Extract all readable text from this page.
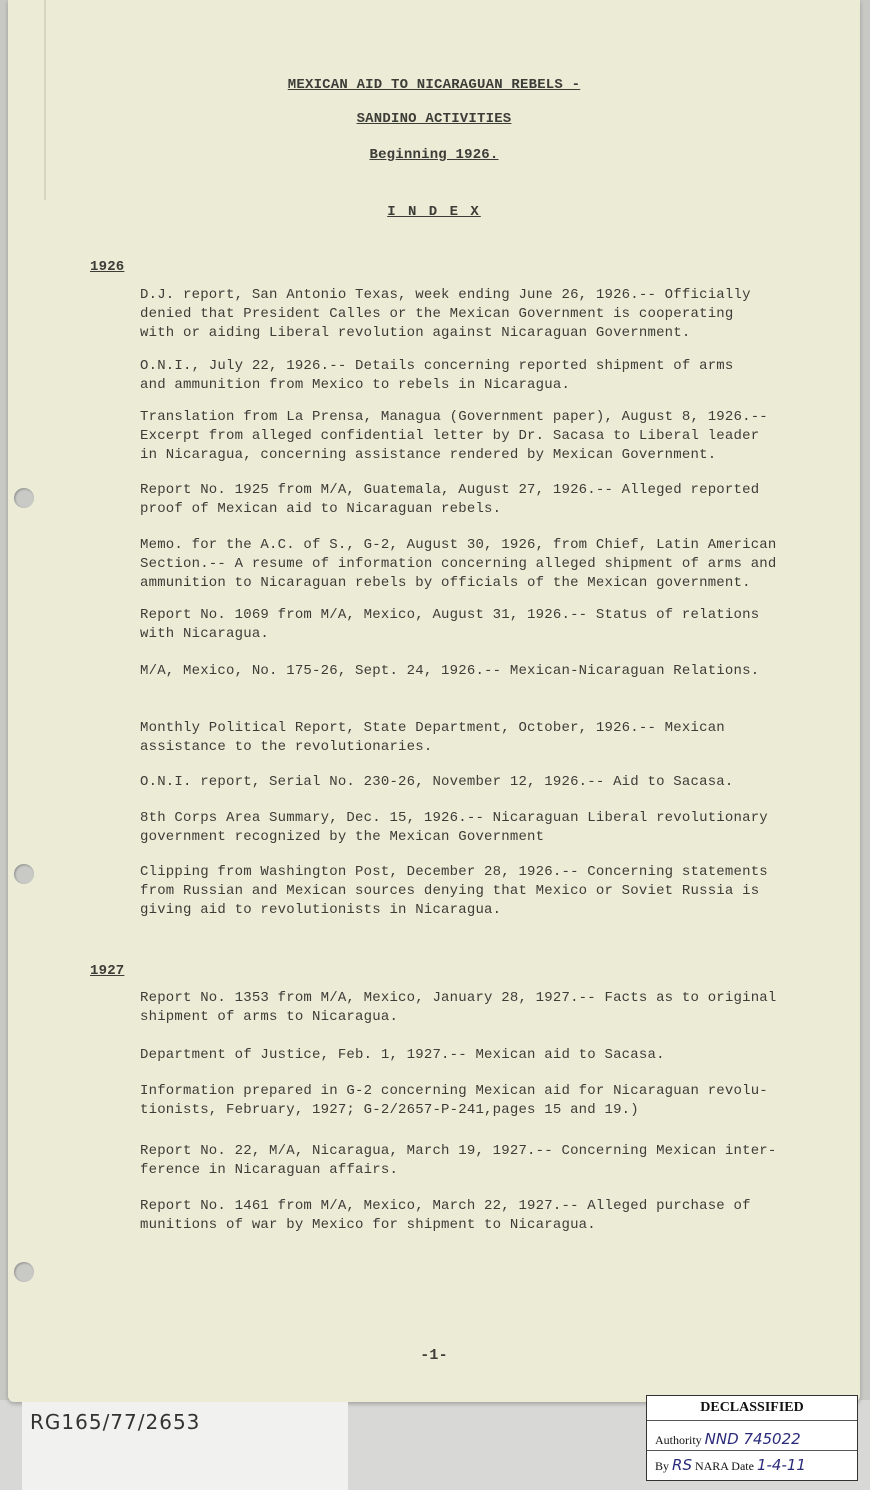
MEXICAN AID TO NICARAGUAN REBELS -
SANDINO ACTIVITIES
Beginning 1926.
I N D E X
1926
D.J. report, San Antonio Texas, week ending June 26, 1926.-- Officially
denied that President Calles or the Mexican Government is cooperating
with or aiding Liberal revolution against Nicaraguan Government.
O.N.I., July 22, 1926.-- Details concerning reported shipment of arms
and ammunition from Mexico to rebels in Nicaragua.
Translation from La Prensa, Managua (Government paper), August 8, 1926.--
Excerpt from alleged confidential letter by Dr. Sacasa to Liberal leader
in Nicaragua, concerning assistance rendered by Mexican Government.
Report No. 1925 from M/A, Guatemala, August 27, 1926.-- Alleged reported
proof of Mexican aid to Nicaraguan rebels.
Memo. for the A.C. of S., G-2, August 30, 1926, from Chief, Latin American
Section.-- A resume of information concerning alleged shipment of arms and
ammunition to Nicaraguan rebels by officials of the Mexican government.
Report No. 1069 from M/A, Mexico, August 31, 1926.-- Status of relations
with Nicaragua.
M/A, Mexico, No. 175-26, Sept. 24, 1926.-- Mexican-Nicaraguan Relations.
Monthly Political Report, State Department, October, 1926.-- Mexican
assistance to the revolutionaries.
O.N.I. report, Serial No. 230-26, November 12, 1926.-- Aid to Sacasa.
8th Corps Area Summary, Dec. 15, 1926.-- Nicaraguan Liberal revolutionary
government recognized by the Mexican Government
Clipping from Washington Post, December 28, 1926.-- Concerning statements
from Russian and Mexican sources denying that Mexico or Soviet Russia is
giving aid to revolutionists in Nicaragua.
1927
Report No. 1353 from M/A, Mexico, January 28, 1927.-- Facts as to original
shipment of arms to Nicaragua.
Department of Justice, Feb. 1, 1927.-- Mexican aid to Sacasa.
Information prepared in G-2 concerning Mexican aid for Nicaraguan revolu-
tionists, February, 1927; G-2/2657-P-241,pages 15 and 19.)
Report No. 22, M/A, Nicaragua, March 19, 1927.-- Concerning Mexican inter-
ference in Nicaraguan affairs.
Report No. 1461 from M/A, Mexico, March 22, 1927.-- Alleged purchase of
munitions of war by Mexico for shipment to Nicaragua.
-1-
RG165/77/2653
DECLASSIFIED
Authority NND 745022
By RS NARA Date 1-4-11
